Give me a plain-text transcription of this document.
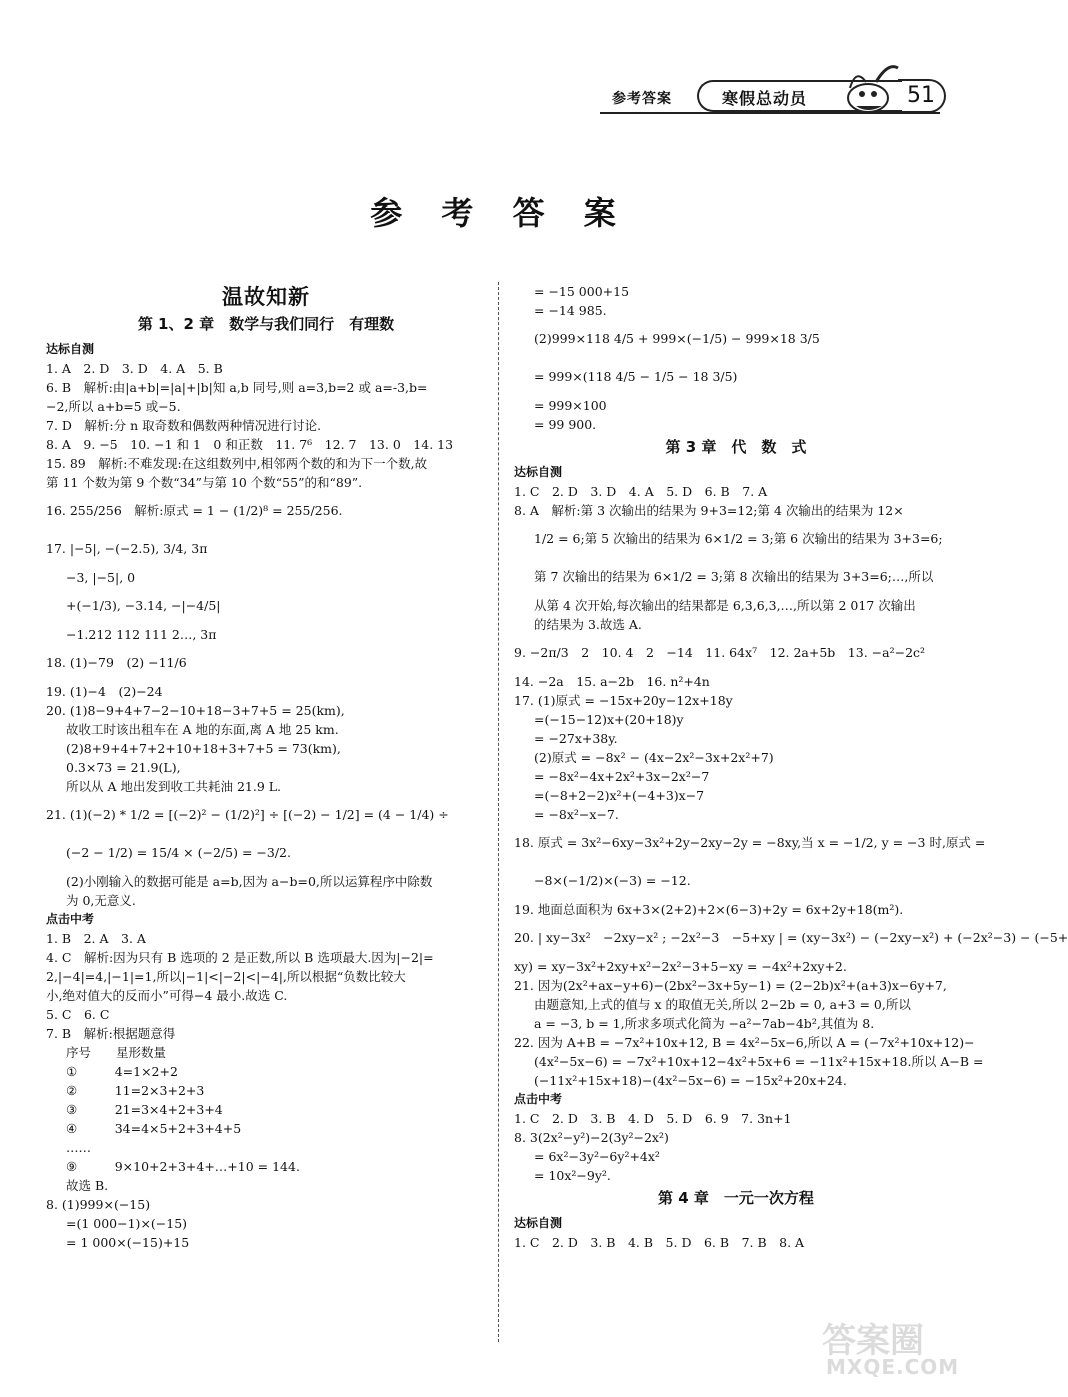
参考答案	寒假总动员	51
参 考 答 案
温故知新
第 1、2 章　数学与我们同行　有理数
达标自测
1. A　2. D　3. D　4. A　5. B
6. B　解析:由|a+b|=|a|+|b|知 a,b 同号,则 a=3,b=2 或 a=-3,b=
−2,所以 a+b=5 或−5.
7. D　解析:分 n 取奇数和偶数两种情况进行讨论.
8. A　9. −5　10. −1 和 1　0 和正数　11. 7⁶　12. 7　13. 0　14. 13
15. 89　解析:不难发现:在这组数列中,相邻两个数的和为下一个数,故
第 11 个数为第 9 个数“34”与第 10 个数“55”的和“89”.
16. 255/256　解析:原式 = 1 − (1/2)⁸ = 255/256.
17. |−5|, −(−2.5), 3/4, 3π
−3, |−5|, 0
+(−1/3), −3.14, −|−4/5|
−1.212 112 111 2…, 3π
18. (1)−79　(2) −11/6
19. (1)−4　(2)−24
20. (1)8−9+4+7−2−10+18−3+7+5 = 25(km),
故收工时该出租车在 A 地的东面,离 A 地 25 km.
(2)8+9+4+7+2+10+18+3+7+5 = 73(km),
0.3×73 = 21.9(L),
所以从 A 地出发到收工共耗油 21.9 L.
21. (1)(−2) * 1/2 = [(−2)² − (1/2)²] ÷ [(−2) − 1/2] = (4 − 1/4) ÷
(−2 − 1/2) = 15/4 × (−2/5) = −3/2.
(2)小刚输入的数据可能是 a=b,因为 a−b=0,所以运算程序中除数
为 0,无意义.
点击中考
1. B　2. A　3. A
4. C　解析:因为只有 B 选项的 2 是正数,所以 B 选项最大.因为|−2|=
2,|−4|=4,|−1|=1,所以|−1|<|−2|<|−4|,所以根据“负数比较大
小,绝对值大的反而小”可得−4 最小.故选 C.
5. C　6. C
7. B　解析:根据题意得
序号　　星形数量
①　　　4=1×2+2
②　　　11=2×3+2+3
③　　　21=3×4+2+3+4
④　　　34=4×5+2+3+4+5
……
⑨　　　9×10+2+3+4+…+10 = 144.
故选 B.
8. (1)999×(−15)
=(1 000−1)×(−15)
= 1 000×(−15)+15
= −15 000+15
= −14 985.
(2)999×118 4/5 + 999×(−1/5) − 999×18 3/5
= 999×(118 4/5 − 1/5 − 18 3/5)
= 999×100
= 99 900.
第 3 章　代　数　式
达标自测
1. C　2. D　3. D　4. A　5. D　6. B　7. A
8. A　解析:第 3 次输出的结果为 9+3=12;第 4 次输出的结果为 12×
1/2 = 6;第 5 次输出的结果为 6×1/2 = 3;第 6 次输出的结果为 3+3=6;
第 7 次输出的结果为 6×1/2 = 3;第 8 次输出的结果为 3+3=6;…,所以
从第 4 次开始,每次输出的结果都是 6,3,6,3,…,所以第 2 017 次输出
的结果为 3.故选 A.
9. −2π/3　2　10. 4　2　−14　11. 64x⁷　12. 2a+5b　13. −a²−2c²
14. −2a　15. a−2b　16. n²+4n
17. (1)原式 = −15x+20y−12x+18y
=(−15−12)x+(20+18)y
= −27x+38y.
(2)原式 = −8x² − (4x−2x²−3x+2x²+7)
= −8x²−4x+2x²+3x−2x²−7
=(−8+2−2)x²+(−4+3)x−7
= −8x²−x−7.
18. 原式 = 3x²−6xy−3x²+2y−2xy−2y = −8xy,当 x = −1/2, y = −3 时,原式 =
−8×(−1/2)×(−3) = −12.
19. 地面总面积为 6x+3×(2+2)+2×(6−3)+2y = 6x+2y+18(m²).
20. | xy−3x²　−2xy−x² ; −2x²−3　−5+xy | = (xy−3x²) − (−2xy−x²) + (−2x²−3) − (−5+
xy) = xy−3x²+2xy+x²−2x²−3+5−xy = −4x²+2xy+2.
21. 因为(2x²+ax−y+6)−(2bx²−3x+5y−1) = (2−2b)x²+(a+3)x−6y+7,
由题意知,上式的值与 x 的取值无关,所以 2−2b = 0, a+3 = 0,所以
a = −3, b = 1,所求多项式化简为 −a²−7ab−4b²,其值为 8.
22. 因为 A+B = −7x²+10x+12, B = 4x²−5x−6,所以 A = (−7x²+10x+12)−
(4x²−5x−6) = −7x²+10x+12−4x²+5x+6 = −11x²+15x+18.所以 A−B =
(−11x²+15x+18)−(4x²−5x−6) = −15x²+20x+24.
点击中考
1. C　2. D　3. B　4. D　5. D　6. 9　7. 3n+1
8. 3(2x²−y²)−2(3y²−2x²)
= 6x²−3y²−6y²+4x²
= 10x²−9y².
第 4 章　一元一次方程
达标自测
1. C　2. D　3. B　4. B　5. D　6. B　7. B　8. A
答案圈
MXQE.COM
